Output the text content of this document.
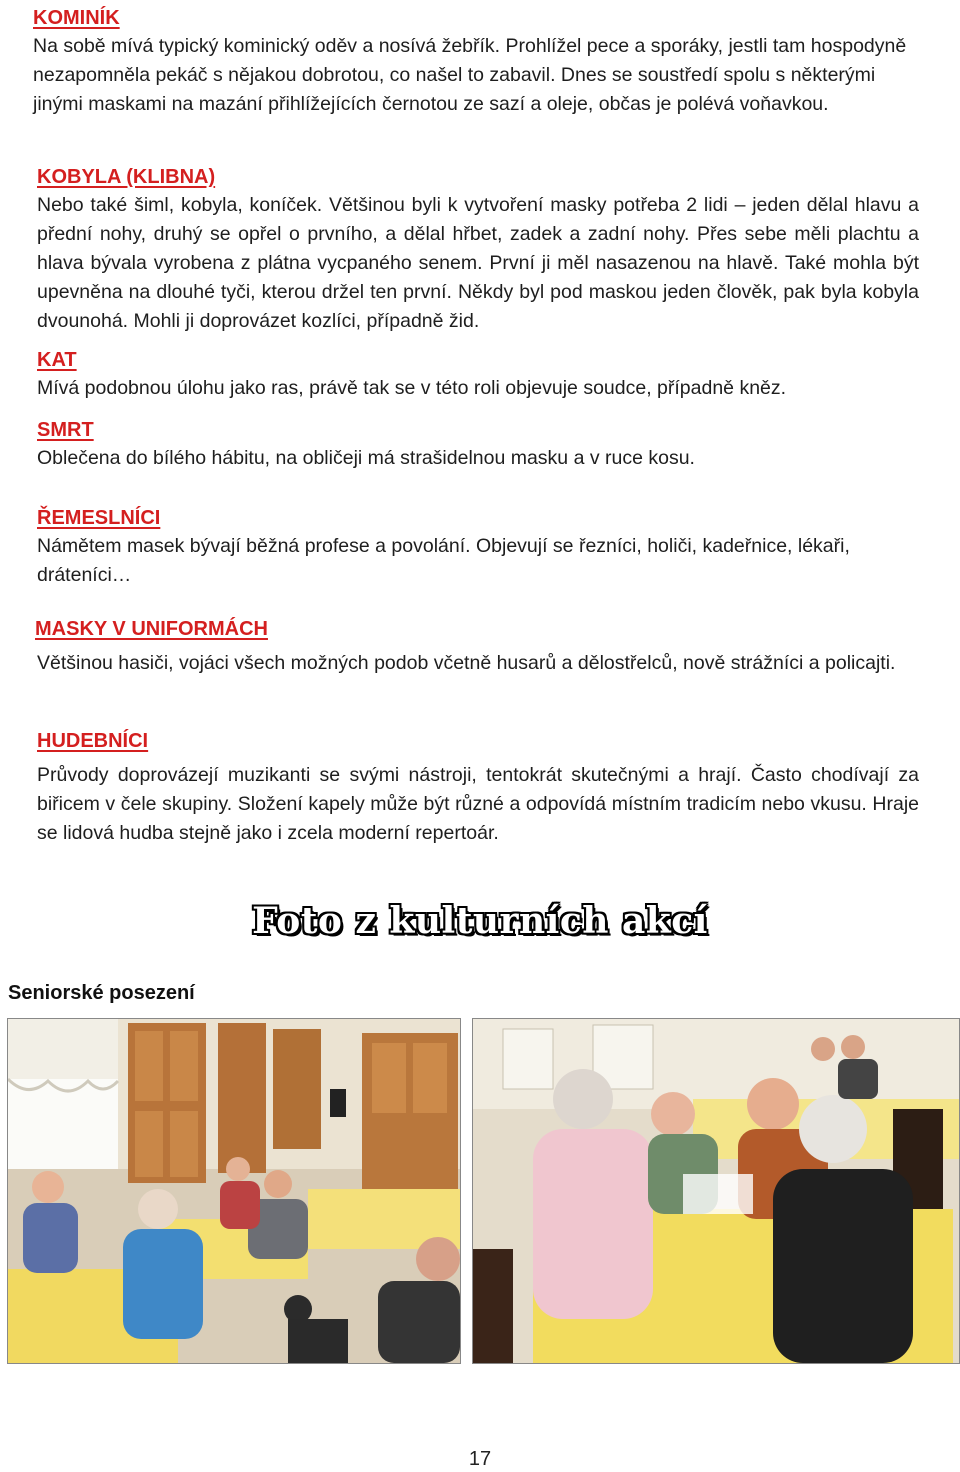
KOMINÍK

Na sobě mívá typický kominický oděv a nosívá žebřík. Prohlížel pece a sporáky, jestli tam hospodyně nezapomněla pekáč s nějakou dobrotou, co našel to zabavil. Dnes se soustředí spolu s některými jinými maskami na mazání přihlížejících černotou ze sazí a oleje, občas je polévá voňavkou.

KOBYLA (KLIBNA)

Nebo také šiml, kobyla, koníček. Většinou byli k vytvoření masky potřeba 2 lidi – jeden dělal hlavu a přední nohy, druhý se opřel o prvního, a dělal hřbet, zadek a zadní nohy. Přes sebe měli plachtu a hlava bývala vyrobena z plátna vycpaného senem. První ji měl nasazenou na hlavě. Také mohla být upevněna na dlouhé tyči, kterou držel ten první. Někdy byl pod maskou jeden člověk, pak byla kobyla dvounohá. Mohli ji doprovázet kozlíci, případně žid.

KAT

Mívá podobnou úlohu jako ras, právě tak se v této roli objevuje soudce, případně kněz.

SMRT

Oblečena do bílého hábitu, na obličeji má strašidelnou masku a v ruce kosu.

ŘEMESLNÍCI

Námětem masek bývají běžná profese a povolání. Objevují se řezníci, holiči, kadeřnice, lékaři, dráteníci…

MASKY V UNIFORMÁCH

Většinou hasiči, vojáci všech možných podob včetně husarů a dělostřelců, nově strážníci a policajti.

HUDEBNÍCI

Průvody doprovázejí muzikanti se svými nástroji, tentokrát skutečnými a hrají. Často chodívají za biřicem v čele skupiny. Složení kapely může být různé a odpovídá místním tradicím nebo vkusu. Hraje se lidová hudba stejně jako i zcela moderní repertoár.

Foto z kulturních akcí
Seniorské posezení
17
